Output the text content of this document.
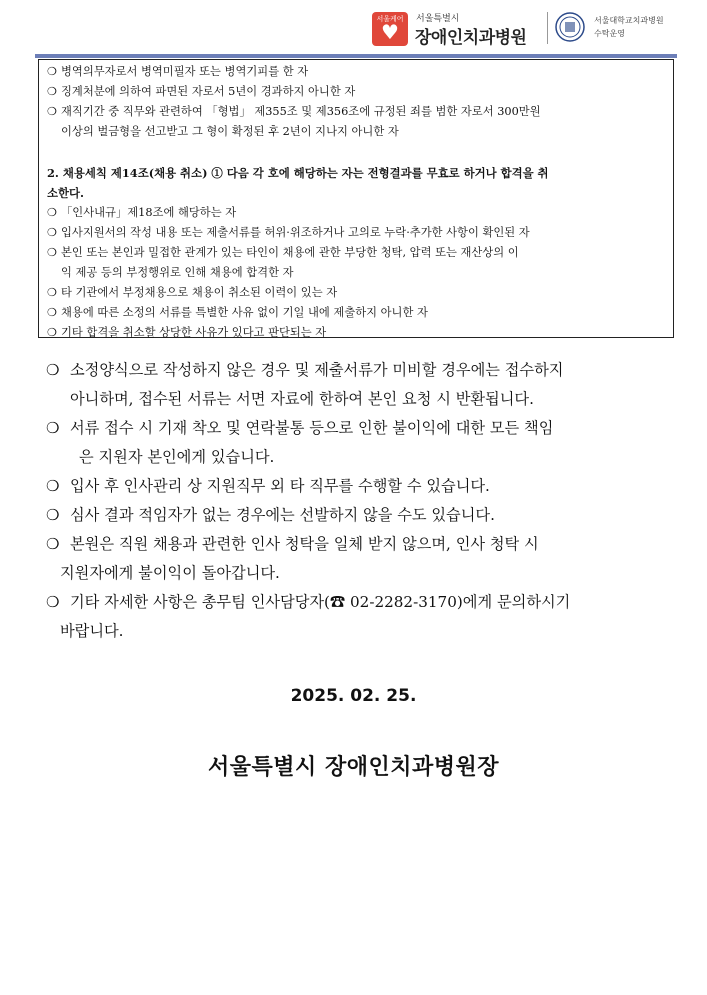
서울케어
♥
서울특별시
장애인치과병원
서울대학교치과병원
수탁운영
❍ 병역의무자로서 병역미필자 또는 병역기피를 한 자
❍ 징계처분에 의하여 파면된 자로서 5년이 경과하지 아니한 자
❍ 재직기간 중 직무와 관련하여 「형법」 제355조 및 제356조에 규정된 죄를 범한 자로서 300만원
이상의 벌금형을 선고받고 그 형이 확정된 후 2년이 지나지 아니한 자
2. 채용세칙 제14조(채용 취소) ① 다음 각 호에 해당하는 자는 전형결과를 무효로 하거나 합격을 취
소한다.
❍ 「인사내규」제18조에 해당하는 자
❍ 입사지원서의 작성 내용 또는 제출서류를 허위·위조하거나 고의로 누락·추가한 사항이 확인된 자
❍ 본인 또는 본인과 밀접한 관계가 있는 타인이 채용에 관한 부당한 청탁, 압력 또는 재산상의 이
익 제공 등의 부정행위로 인해 채용에 합격한 자
❍ 타 기관에서 부정채용으로 채용이 취소된 이력이 있는 자
❍ 채용에 따른 소정의 서류를 특별한 사유 없이 기일 내에 제출하지 아니한 자
❍ 기타 합격을 취소할 상당한 사유가 있다고 판단되는 자
❍ 소정양식으로 작성하지 않은 경우 및 제출서류가 미비할 경우에는 접수하지
아니하며, 접수된 서류는 서면 자료에 한하여 본인 요청 시 반환됩니다.
❍ 서류 접수 시 기재 착오 및 연락불통 등으로 인한 불이익에 대한 모든 책임
은 지원자 본인에게 있습니다.
❍ 입사 후 인사관리 상 지원직무 외 타 직무를 수행할 수 있습니다.
❍ 심사 결과 적임자가 없는 경우에는 선발하지 않을 수도 있습니다.
❍ 본원은 직원 채용과 관련한 인사 청탁을 일체 받지 않으며, 인사 청탁 시
지원자에게 불이익이 돌아갑니다.
❍ 기타 자세한 사항은 총무팀 인사담당자(☎ 02-2282-3170)에게 문의하시기
바랍니다.
2025. 02. 25.
서울특별시 장애인치과병원장
